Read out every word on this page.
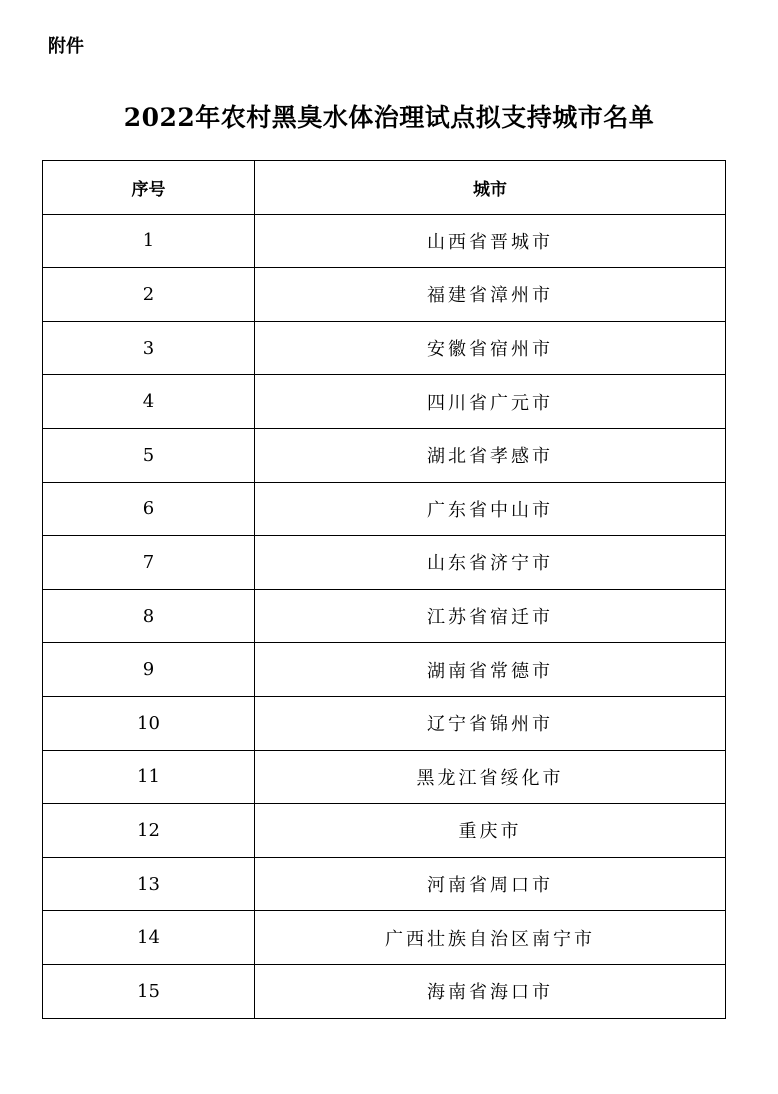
附件
2022年农村黑臭水体治理试点拟支持城市名单
序号	城市
1	山西省晋城市
2	福建省漳州市
3	安徽省宿州市
4	四川省广元市
5	湖北省孝感市
6	广东省中山市
7	山东省济宁市
8	江苏省宿迁市
9	湖南省常德市
10	辽宁省锦州市
11	黑龙江省绥化市
12	重庆市
13	河南省周口市
14	广西壮族自治区南宁市
15	海南省海口市
